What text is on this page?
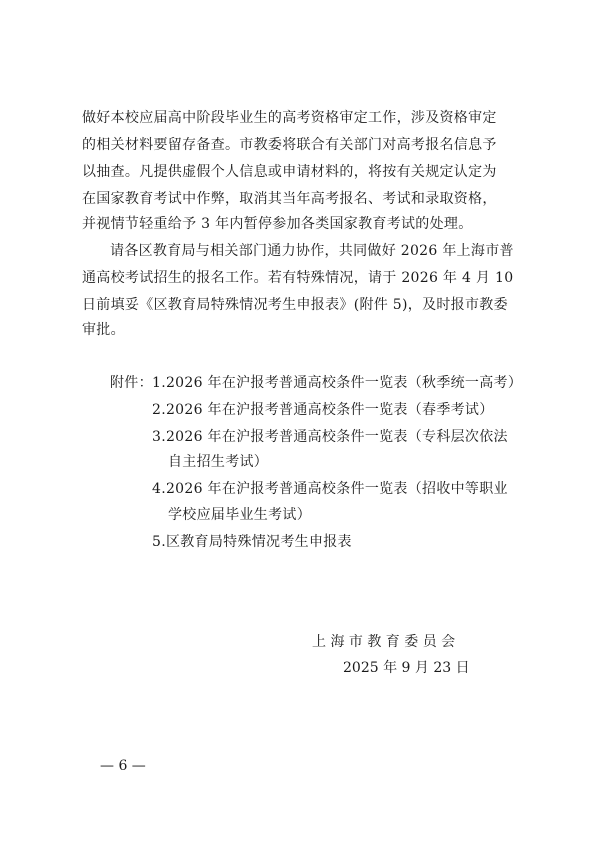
做好本校应届高中阶段毕业生的高考资格审定工作，涉及资格审定
的相关材料要留存备查。市教委将联合有关部门对高考报名信息予
以抽查。凡提供虚假个人信息或申请材料的，将按有关规定认定为
在国家教育考试中作弊，取消其当年高考报名、考试和录取资格，
并视情节轻重给予 3 年内暂停参加各类国家教育考试的处理。
请各区教育局与相关部门通力协作，共同做好 2026 年上海市普
通高校考试招生的报名工作。若有特殊情况，请于 2026 年 4 月 10
日前填妥《区教育局特殊情况考生申报表》(附件 5)，及时报市教委
审批。
附件： 1.2026 年在沪报考普通高校条件一览表（秋季统一高考）
2.2026 年在沪报考普通高校条件一览表（春季考试）
3.2026 年在沪报考普通高校条件一览表（专科层次依法
自主招生考试）
4.2026 年在沪报考普通高校条件一览表（招收中等职业
学校应届毕业生考试）
5.区教育局特殊情况考生申报表
上 海 市 教 育 委 员 会
2025 年 9 月 23 日
— 6 —
